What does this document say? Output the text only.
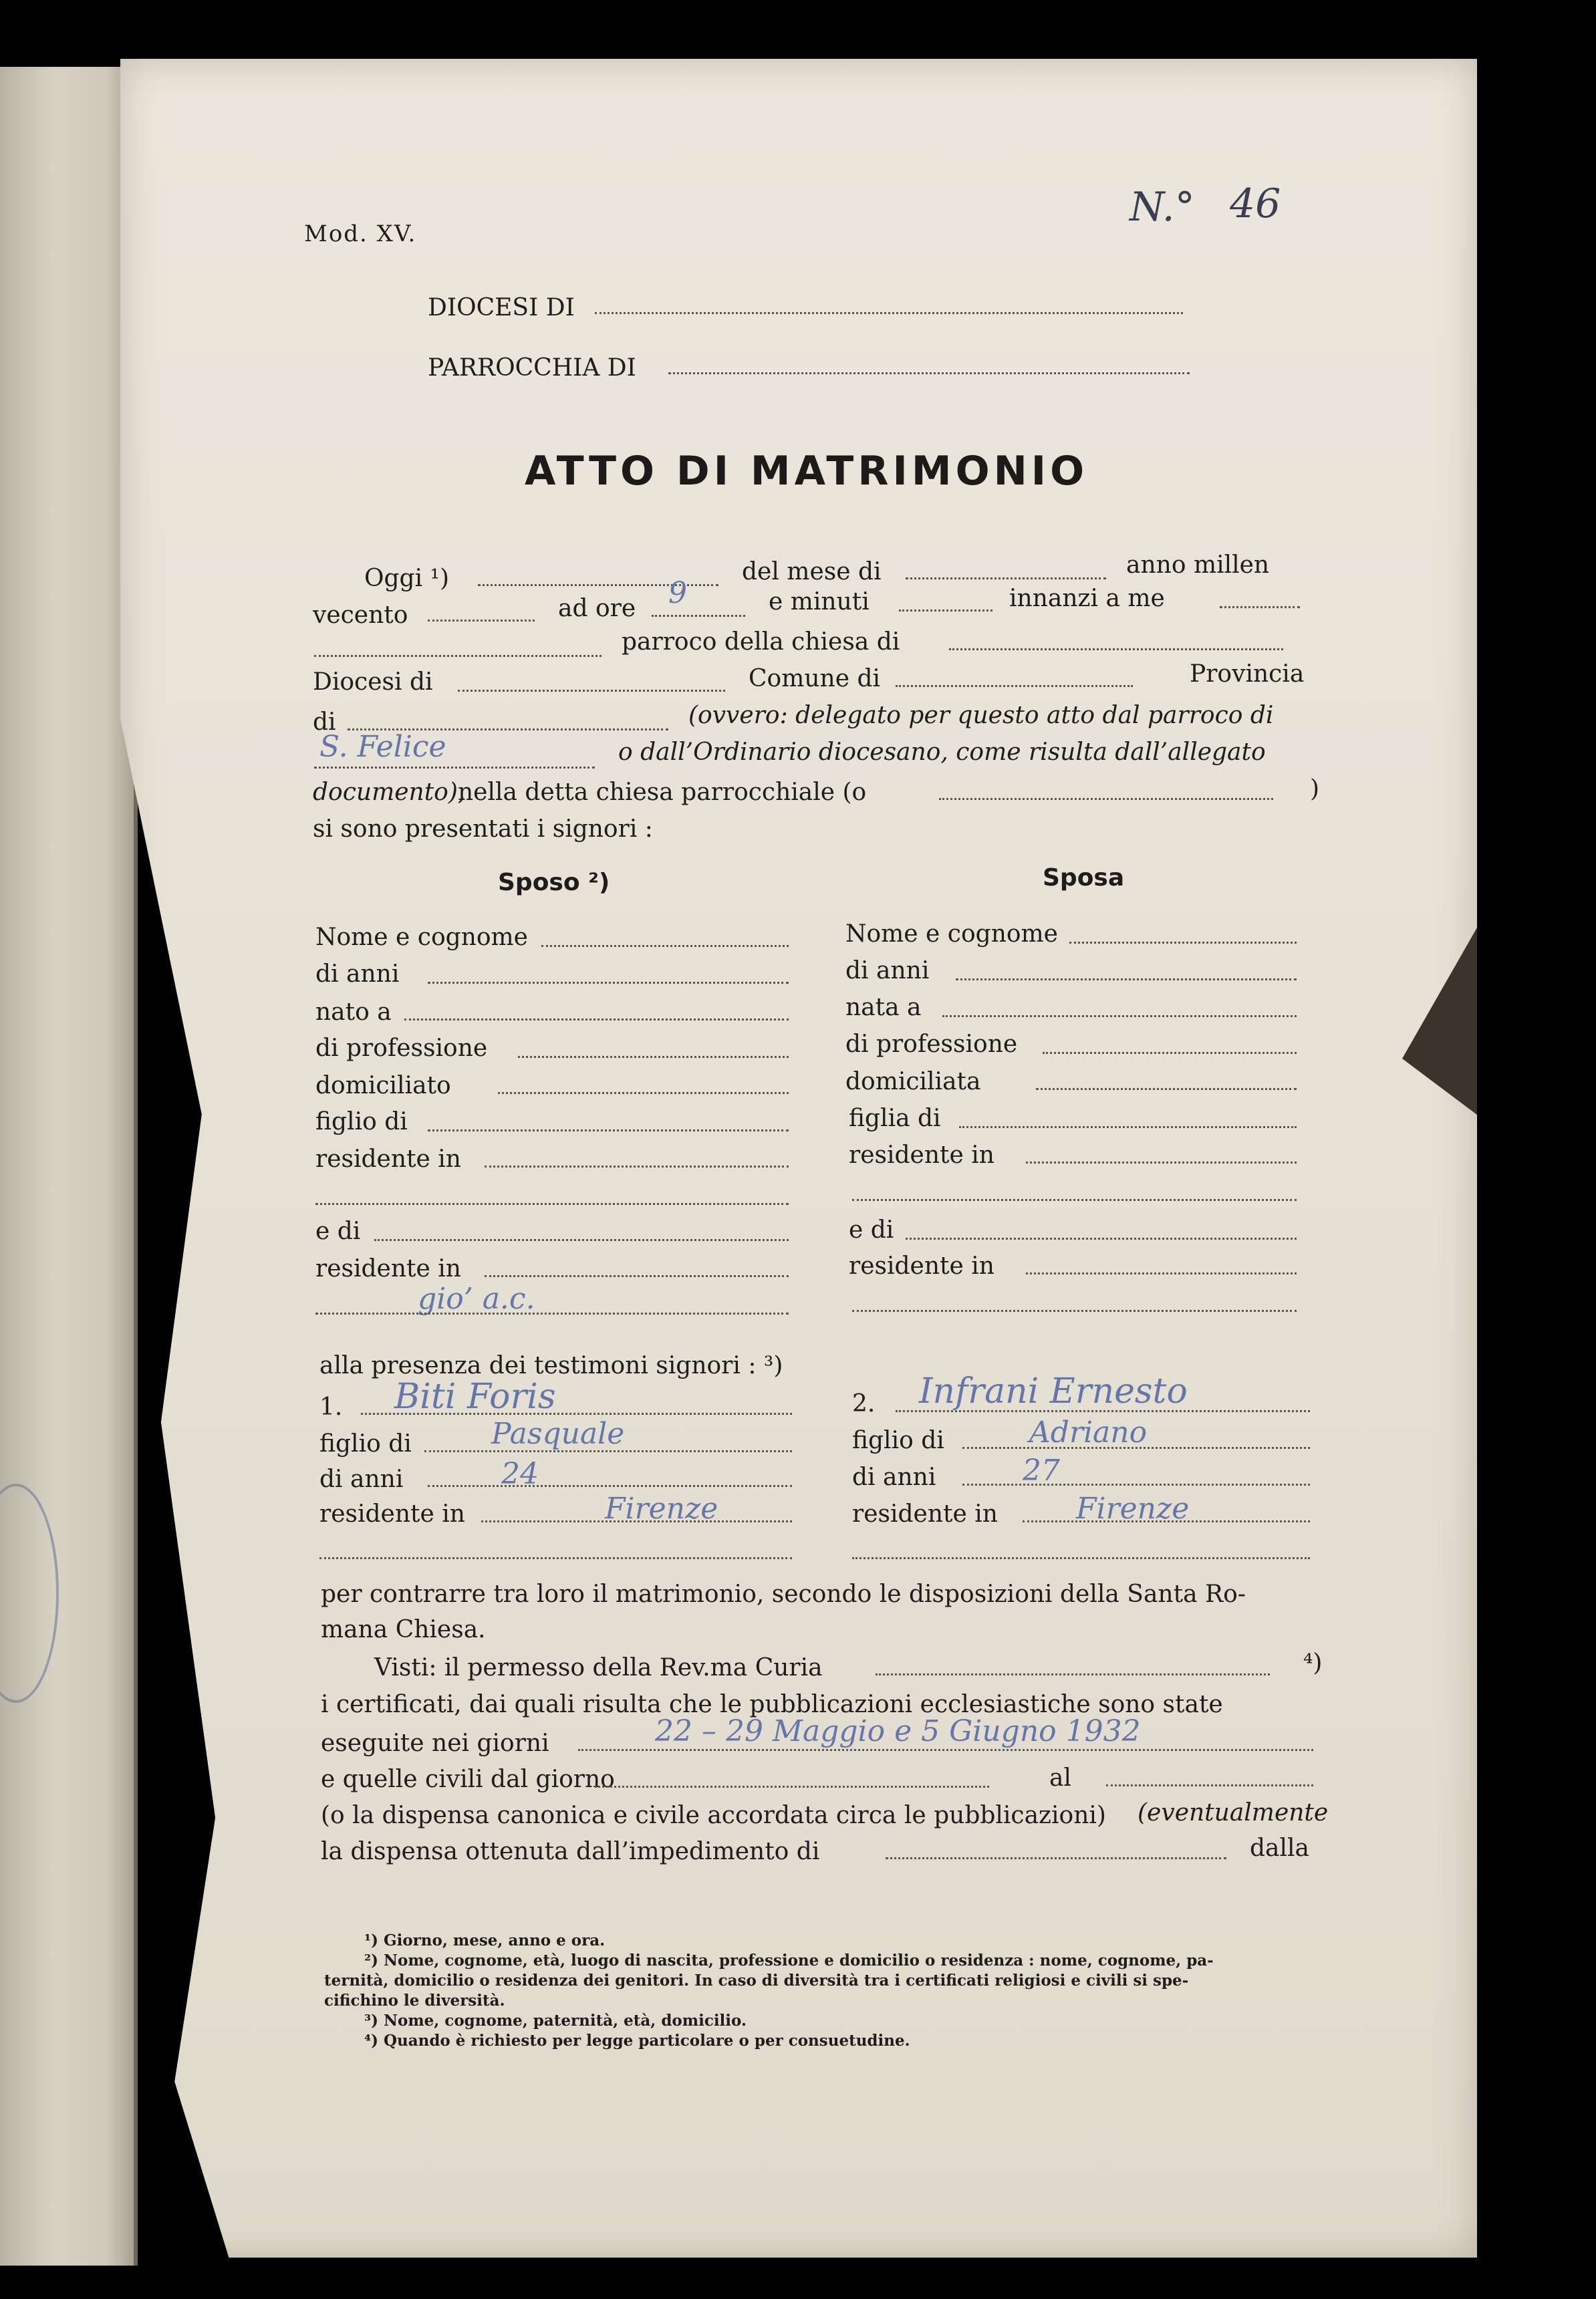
Mod. XV.
N.° 46
DIOCESI DI
PARROCCHIA DI
ATTO DI MATRIMONIO
Oggi ¹)	del mese di	anno millen
vecento	ad ore 9	e minuti	innanzi a me
parroco della chiesa di
Diocesi di	Comune di	Provincia
di	(ovvero: delegato per questo atto dal parroco di
S. Felice	o dall’Ordinario diocesano, come risulta dall’allegato
documento),
nella detta chiesa parrocchiale (o	)
si sono presentati i signori :
Sposo ²)
Nome e cognome
di anni
nato a
di professione
domiciliato
figlio di
residente in
e di
residente in
gio’ a.c.
Sposa
Nome e cognome
di anni
nata a
di professione
domiciliata
figlia di
residente in
e di
residente in
alla presenza dei testimoni signori : ³)
1. Biti Foris
figlio di	Pasquale
di anni	24
residente in	Firenze
2. Infrani Ernesto
figlio di	Adriano
di anni	27
residente in	Firenze
per contrarre tra loro il matrimonio, secondo le disposizioni della Santa Ro-
mana Chiesa.
Visti: il permesso della Rev.ma Curia	⁴)
i certificati, dai quali risulta che le pubblicazioni ecclesiastiche sono state
eseguite nei giorni	22 – 29 Maggio e 5 Giugno 1932
e quelle civili dal giorno	al
(o la dispensa canonica e civile accordata circa le pubblicazioni) (eventualmente
la dispensa ottenuta dall’impedimento di	dalla
¹) Giorno, mese, anno e ora.
²) Nome, cognome, età, luogo di nascita, professione e domicilio o residenza : nome, cognome, pa-
ternità, domicilio o residenza dei genitori. In caso di diversità tra i certificati religiosi e civili si spe-
cifichino le diversità.
³) Nome, cognome, paternità, età, domicilio.
⁴) Quando è richiesto per legge particolare o per consuetudine.
